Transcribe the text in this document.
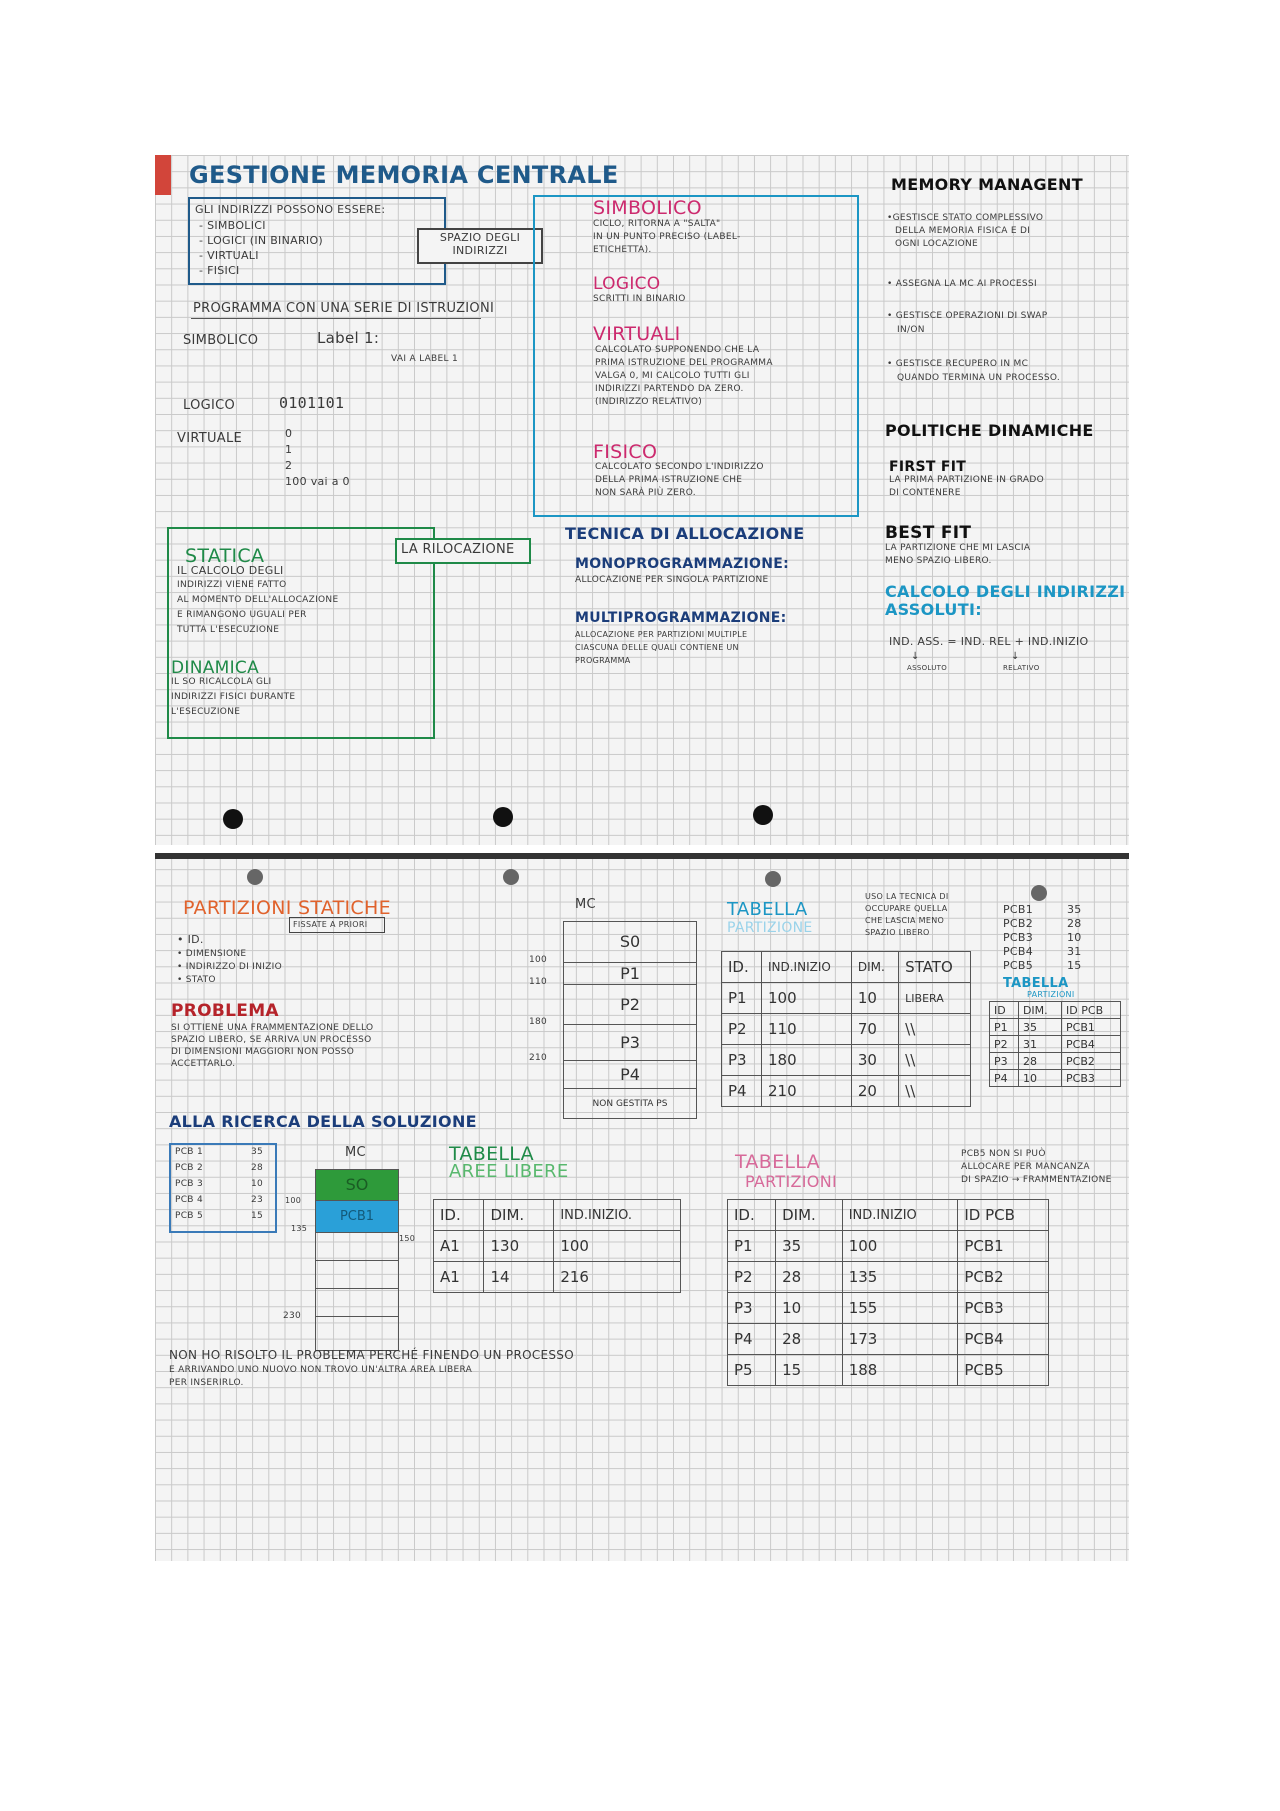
GESTIONE MEMORIA CENTRALE
GLI INDIRIZZI POSSONO ESSERE:
- SIMBOLICI
- LOGICI (IN BINARIO)
- VIRTUALI
- FISICI
SPAZIO DEGLI INDIRIZZI
PROGRAMMA CON UNA SERIE DI ISTRUZIONI
SIMBOLICO	Label 1:
VAI A LABEL 1
LOGICO	0101101
VIRTUALE	0
1
2
100 vai a 0
SIMBOLICO
CICLO, RITORNA A "SALTA"
IN UN PUNTO PRECISO (LABEL-
ETICHETTA).
LOGICO
SCRITTI IN BINARIO
VIRTUALI
CALCOLATO SUPPONENDO CHE LA
PRIMA ISTRUZIONE DEL PROGRAMMA
VALGA 0, MI CALCOLO TUTTI GLI
INDIRIZZI PARTENDO DA ZERO.
(INDIRIZZO RELATIVO)
FISICO
CALCOLATO SECONDO L'INDIRIZZO
DELLA PRIMA ISTRUZIONE CHE
NON SARÀ PIÙ ZERO.
MEMORY MANAGENT
•GESTISCE STATO COMPLESSIVO
DELLA MEMORIA FISICA E DI
OGNI LOCAZIONE
• ASSEGNA LA MC AI PROCESSI
• GESTISCE OPERAZIONI DI SWAP
IN/ON
• GESTISCE RECUPERO IN MC
QUANDO TERMINA UN PROCESSO.
POLITICHE DINAMICHE
FIRST FIT
LA PRIMA PARTIZIONE IN GRADO
DI CONTENERE
BEST FIT
LA PARTIZIONE CHE MI LASCIA
MENO SPAZIO LIBERO.
CALCOLO DEGLI INDIRIZZI
ASSOLUTI:
IND. ASS. = IND. REL + IND.INIZIO
↓	↓
ASSOLUTO	RELATIVO
LA RILOCAZIONE
STATICA
IL CALCOLO DEGLI
INDIRIZZI VIENE FATTO
AL MOMENTO DELL'ALLOCAZIONE
E RIMANGONO UGUALI PER
TUTTA L'ESECUZIONE
DINAMICA
IL SO RICALCOLA GLI
INDIRIZZI FISICI DURANTE
L'ESECUZIONE
TECNICA DI ALLOCAZIONE
MONOPROGRAMMAZIONE:
ALLOCAZIONE PER SINGOLA PARTIZIONE
MULTIPROGRAMMAZIONE:
ALLOCAZIONE PER PARTIZIONI MULTIPLE
CIASCUNA DELLE QUALI CONTIENE UN
PROGRAMMA
PARTIZIONI STATICHE
FISSATE A PRIORI
• ID.
• DIMENSIONE
• INDIRIZZO DI INIZIO
• STATO
PROBLEMA
SI OTTIENE UNA FRAMMENTAZIONE DELLO
SPAZIO LIBERO, SE ARRIVA UN PROCESSO
DI DIMENSIONI MAGGIORI NON POSSO
ACCETTARLO.
ALLA RICERCA DELLA SOLUZIONE
MC
S0
P1
P2
P3
P4
NON GESTITA PS
100
110
180
210
TABELLA
PARTIZIONE
USO LA TECNICA DI
OCCUPARE QUELLA
CHE LASCIA MENO
SPAZIO LIBERO
ID.	IND.INIZIO	DIM.	STATO
P1	100	10	LIBERA
P2	110	70	\\
P3	180	30	\\
P4	210	20	\\
PCB1	35
PCB2	28
PCB3	10
PCB4	31
PCB5	15
TABELLA
PARTIZIONI
ID	DIM.	ID PCB
P1	35	PCB1
P2	31	PCB4
P3	28	PCB2
P4	10	PCB3
PCB5 NON SI PUÒ
ALLOCARE PER MANCANZA
DI SPAZIO → FRAMMENTAZIONE
PCB 1	35
PCB 2	28
PCB 3	10
PCB 4	23
PCB 5	15
MC
SO
PCB1
100
135
150
230
TABELLA
AREE LIBERE
ID.	DIM.	IND.INIZIO.
A1	130	100
A1	14	216
TABELLA
PARTIZIONI
ID.	DIM.	IND.INIZIO	ID PCB
P1	35	100	PCB1
P2	28	135	PCB2
P3	10	155	PCB3
P4	28	173	PCB4
P5	15	188	PCB5
NON HO RISOLTO IL PROBLEMA PERCHÉ FINENDO UN PROCESSO
E ARRIVANDO UNO NUOVO NON TROVO UN'ALTRA AREA LIBERA
PER INSERIRLO.
